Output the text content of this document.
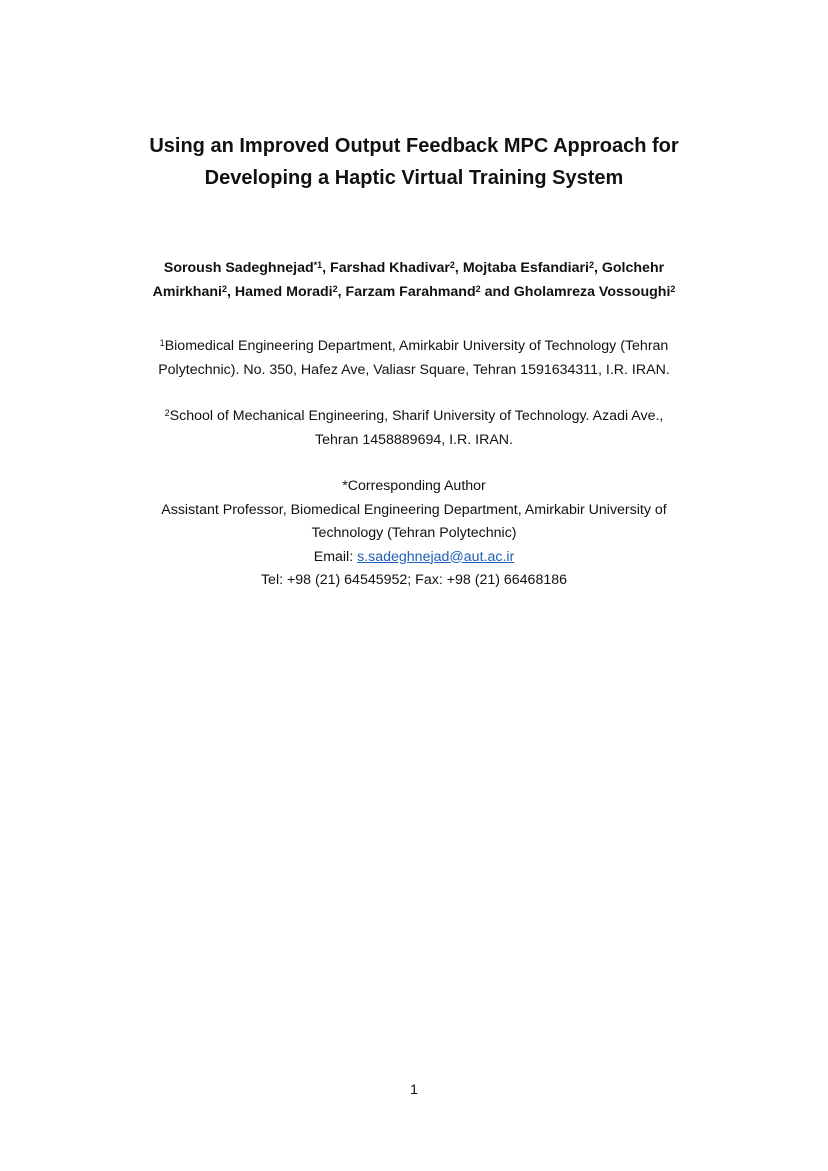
Using an Improved Output Feedback MPC Approach for
Developing a Haptic Virtual Training System
Soroush Sadeghnejad$^{*1}$, Farshad Khadivar$^2$, Mojtaba Esfandiari$^2$, Golchehr
Amirkhani$^2$, Hamed Moradi$^2$, Farzam Farahmand$^2$ and Gholamreza Vossoughi$^2$
$^1$Biomedical Engineering Department, Amirkabir University of Technology (Tehran
Polytechnic). No. 350, Hafez Ave, Valiasr Square, Tehran 1591634311, I.R. IRAN.
$^2$School of Mechanical Engineering, Sharif University of Technology. Azadi Ave.,
Tehran 1458889694, I.R. IRAN.
*Corresponding Author
Assistant Professor, Biomedical Engineering Department, Amirkabir University of
Technology (Tehran Polytechnic)
Email: s.sadeghnejad@aut.ac.ir
Tel: +98 (21) 64545952; Fax: +98 (21) 66468186
1
